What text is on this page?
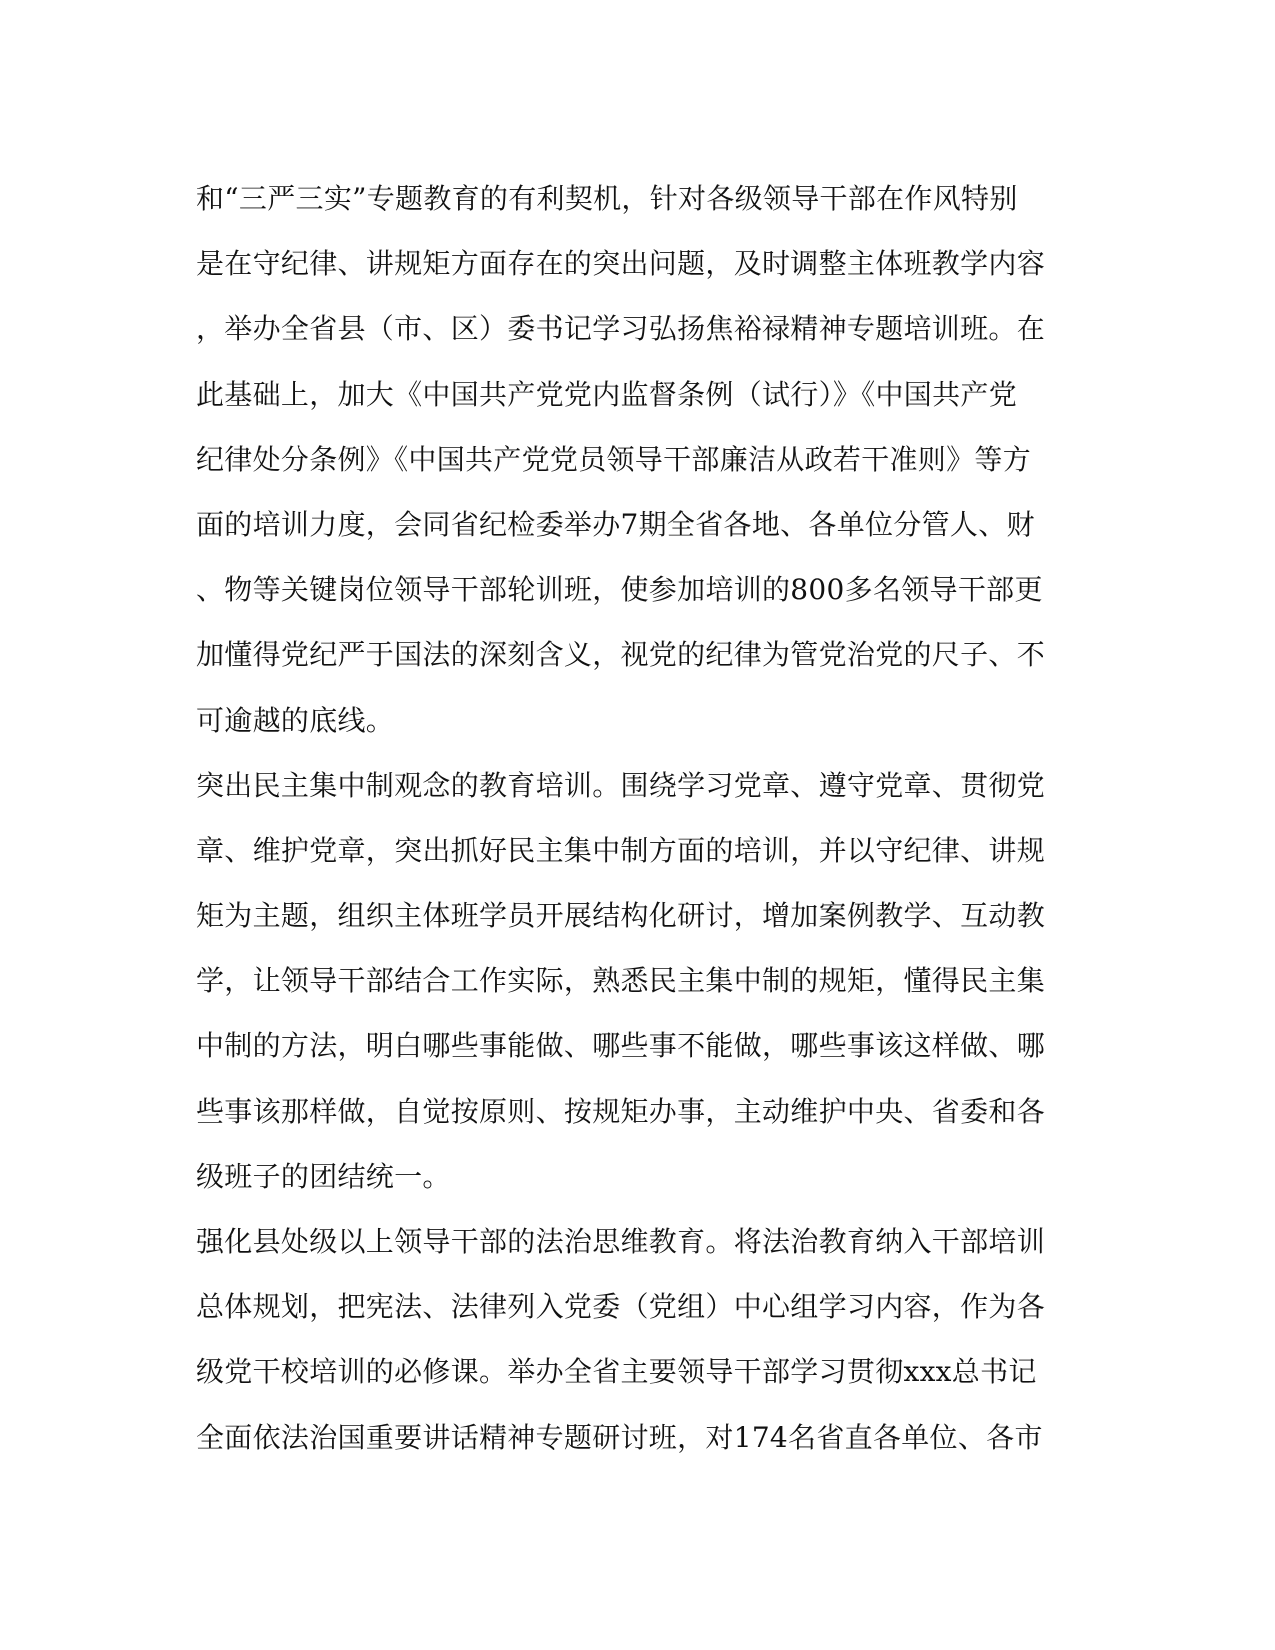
和“三严三实”专题教育的有利契机，针对各级领导干部在作风特别
是在守纪律、讲规矩方面存在的突出问题，及时调整主体班教学内容
，举办全省县（市、区）委书记学习弘扬焦裕禄精神专题培训班。在
此基础上，加大《中国共产党党内监督条例（试行）》《中国共产党
纪律处分条例》《中国共产党党员领导干部廉洁从政若干准则》等方
面的培训力度，会同省纪检委举办7期全省各地、各单位分管人、财
、物等关键岗位领导干部轮训班，使参加培训的800多名领导干部更
加懂得党纪严于国法的深刻含义，视党的纪律为管党治党的尺子、不
可逾越的底线。
突出民主集中制观念的教育培训。围绕学习党章、遵守党章、贯彻党
章、维护党章，突出抓好民主集中制方面的培训，并以守纪律、讲规
矩为主题，组织主体班学员开展结构化研讨，增加案例教学、互动教
学，让领导干部结合工作实际，熟悉民主集中制的规矩，懂得民主集
中制的方法，明白哪些事能做、哪些事不能做，哪些事该这样做、哪
些事该那样做，自觉按原则、按规矩办事，主动维护中央、省委和各
级班子的团结统一。
强化县处级以上领导干部的法治思维教育。将法治教育纳入干部培训
总体规划，把宪法、法律列入党委（党组）中心组学习内容，作为各
级党干校培训的必修课。举办全省主要领导干部学习贯彻xxx总书记
全面依法治国重要讲话精神专题研讨班，对174名省直各单位、各市
